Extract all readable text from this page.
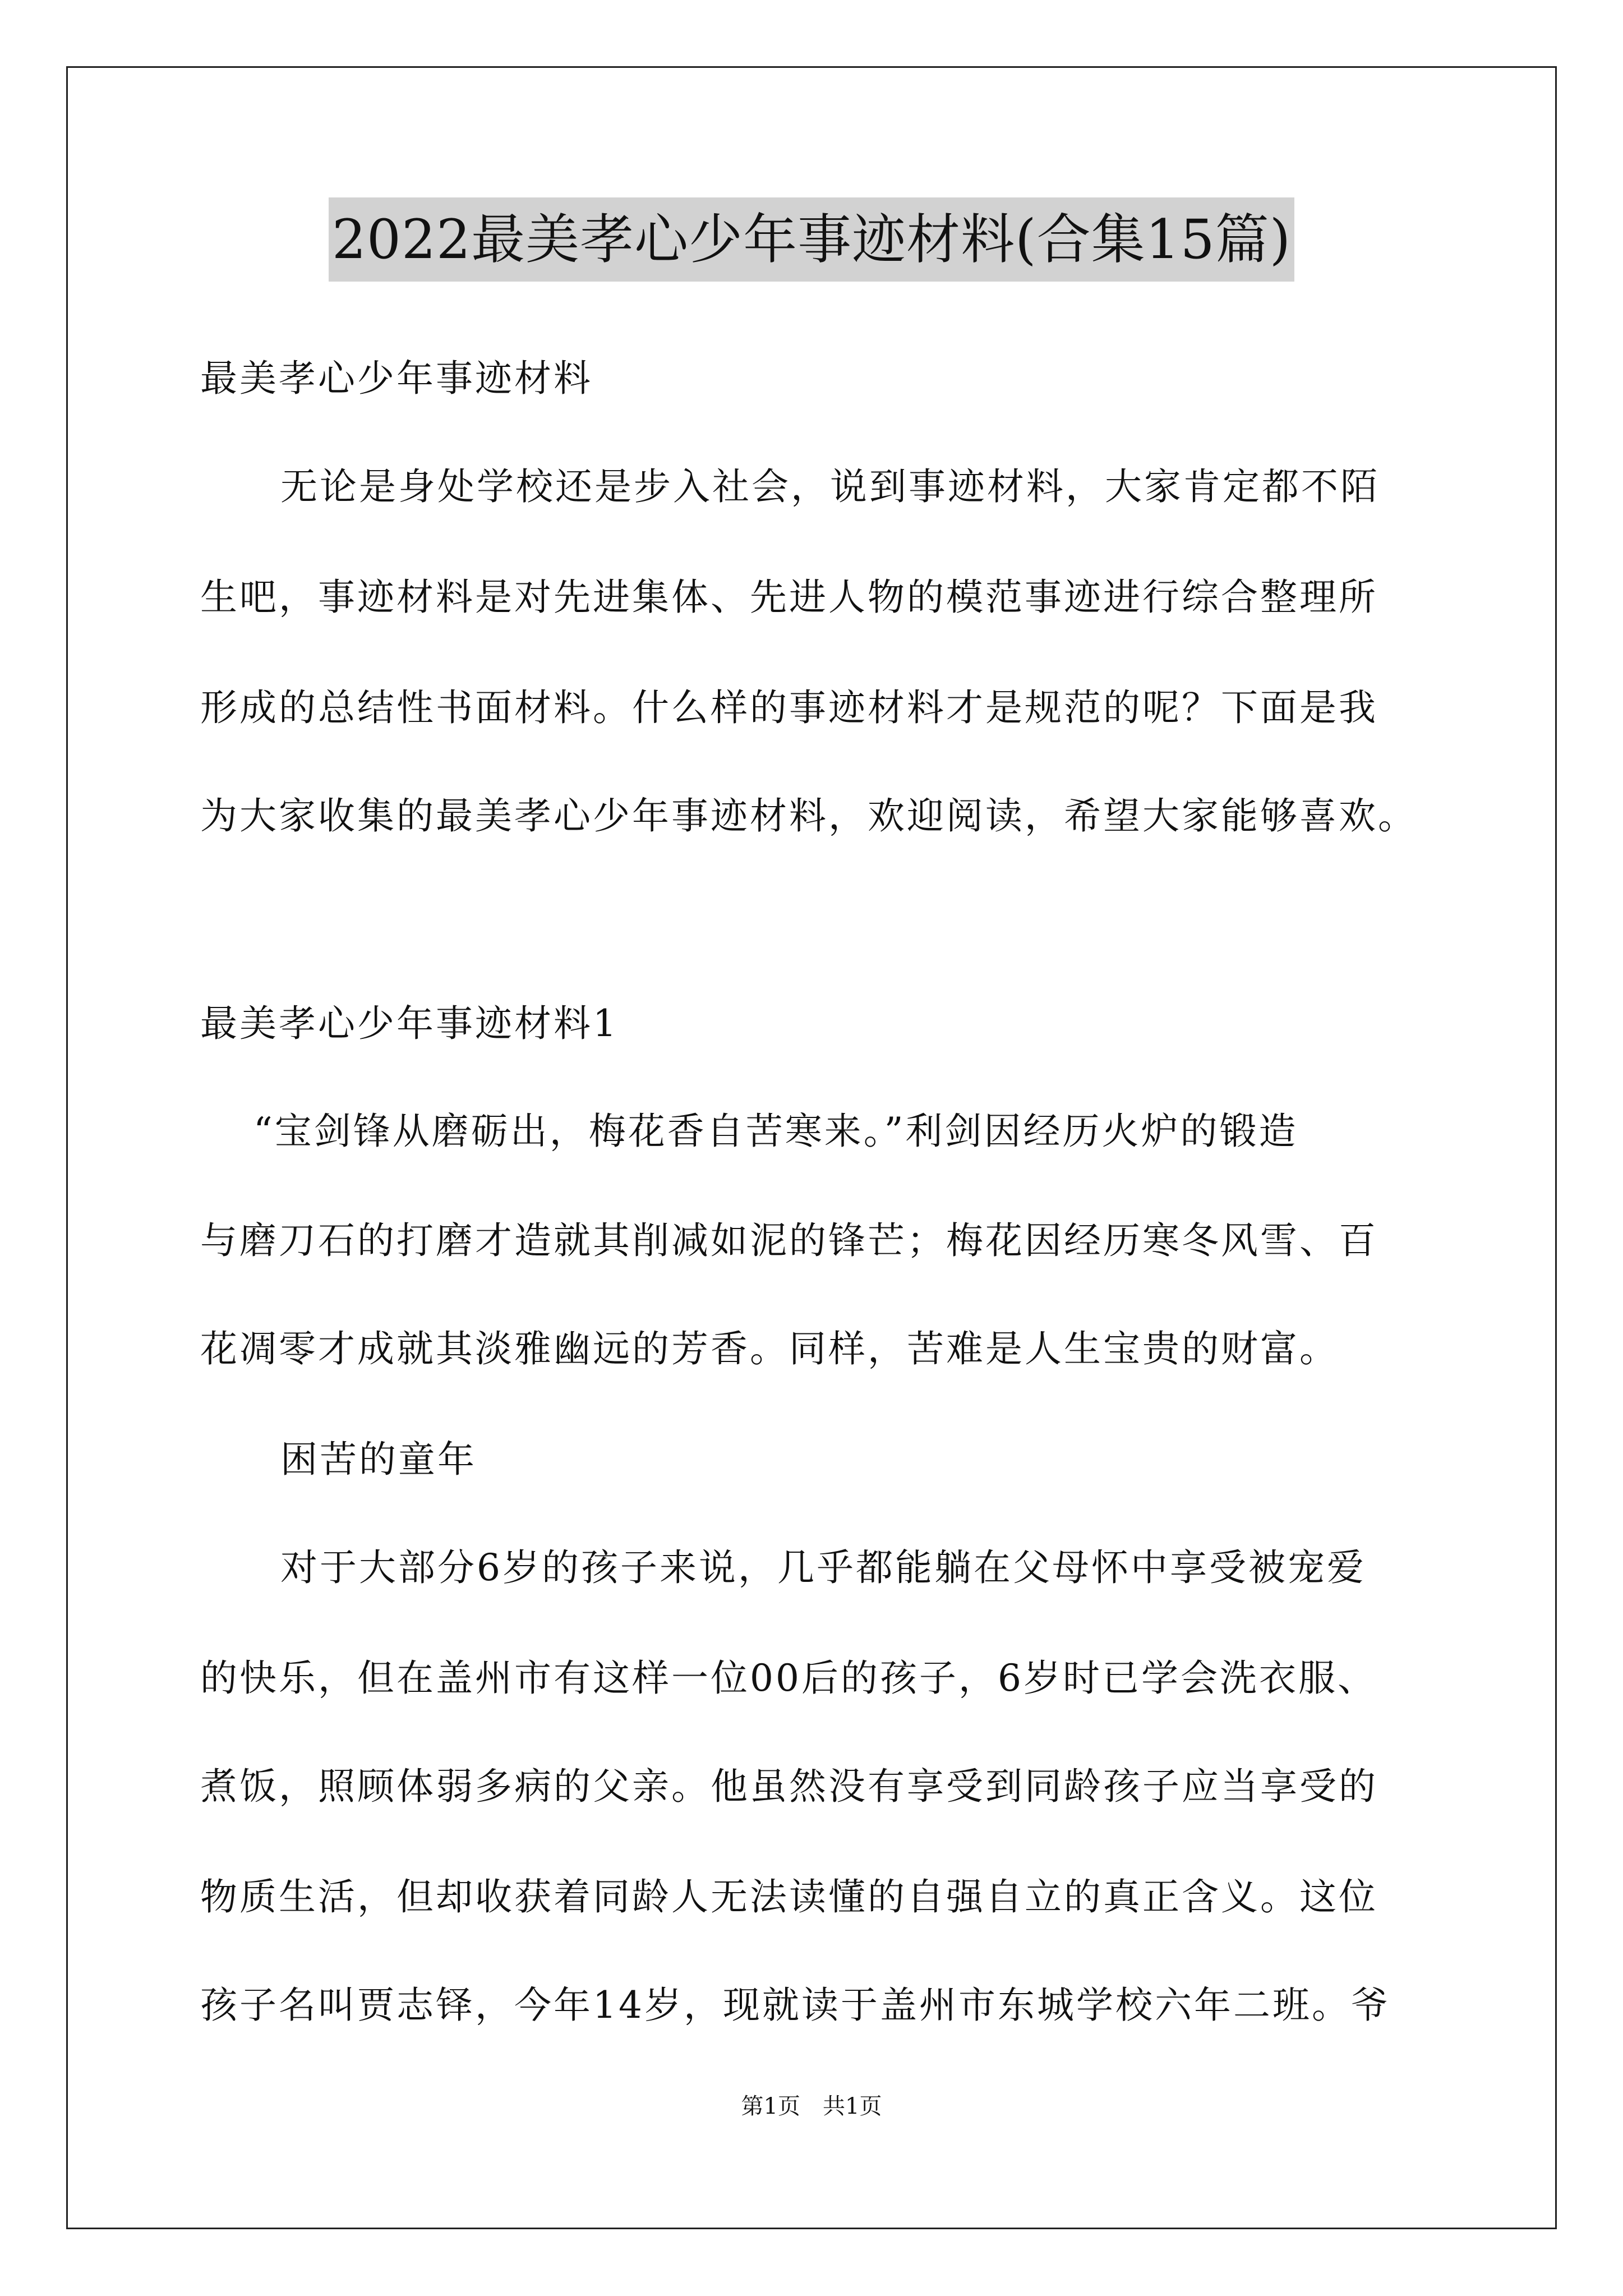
2022最美孝心少年事迹材料(合集15篇)
最美孝心少年事迹材料
无论是身处学校还是步入社会，说到事迹材料，大家肯定都不陌
生吧，事迹材料是对先进集体、先进人物的模范事迹进行综合整理所
形成的总结性书面材料。什么样的事迹材料才是规范的呢？下面是我
为大家收集的最美孝心少年事迹材料，欢迎阅读，希望大家能够喜欢。
最美孝心少年事迹材料1
“宝剑锋从磨砺出，梅花香自苦寒来。”利剑因经历火炉的锻造
与磨刀石的打磨才造就其削减如泥的锋芒；梅花因经历寒冬风雪、百
花凋零才成就其淡雅幽远的芳香。同样，苦难是人生宝贵的财富。
困苦的童年
对于大部分6岁的孩子来说，几乎都能躺在父母怀中享受被宠爱
的快乐，但在盖州市有这样一位00后的孩子，6岁时已学会洗衣服、
煮饭，照顾体弱多病的父亲。他虽然没有享受到同龄孩子应当享受的
物质生活，但却收获着同龄人无法读懂的自强自立的真正含义。这位
孩子名叫贾志铎，今年14岁，现就读于盖州市东城学校六年二班。爷
第1页　共1页
